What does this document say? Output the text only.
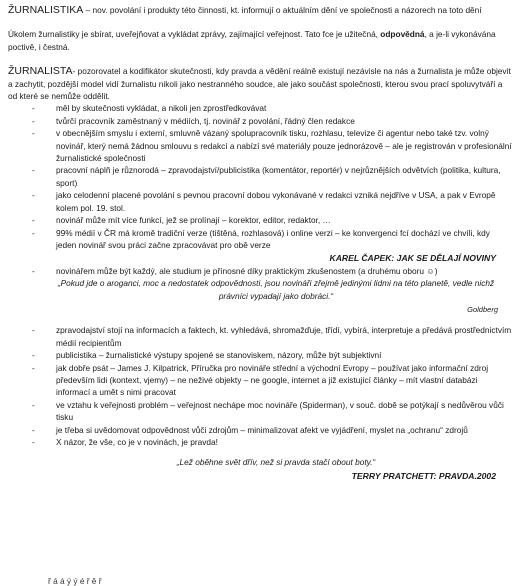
ŽURNALISTIKA – nov. povolání i produkty této činnosti, kt. informují o aktuálním dění ve společnosti a názorech na toto dění

Úkolem žurnalistiky je sbírat, uveřejňovat a vykládat zprávy, zajímající veřejnost. Tato fce je užitečná, odpovědná, a je-li vykonávána poctivě, i čestná.

ŽURNALISTA- pozorovatel a kodifikátor skutečnosti, kdy pravda a vědění reálně existují nezávisle na nás a žurnalista je může objevit a zachytit, pozdější model vidí žurnalistu nikoli jako nestranného soudce, ale jako součást společnosti, kterou svou prací spoluvytváří a od které se nemůže oddělit.

- měl by skutečnosti vykládat, a nikoli jen zprostředkovávat
- tvůrčí pracovník zaměstnaný v médiích, tj. novinář z povolání, řádný člen redakce
- v obecnějším smyslu i externí, smluvně vázaný spolupracovník tisku, rozhlasu, televize či agentur nebo také tzv. volný novinář, který nemá žádnou smlouvu s redakcí a nabízí své materiály pouze jednorázově – ale je registrován v profesionální žurnalistické společnosti
- pracovní náplň je různorodá – zpravodajství/publicistika (komentátor, reportér) v nejrůznějších odvětvích (politika, kultura, sport)
- jako celodenní placené povolání s pevnou pracovní dobou vykonávané v redakci vzniká nejdříve v USA, a pak v Evropě kolem pol. 19. stol.
- novinář může mít více funkcí, jež se prolínají – korektor, editor, redaktor, …
- 99% médií v ČR má kromě tradiční verze (tištěná, rozhlasová) i online verzi – ke konvergenci fcí dochází ve chvíli, kdy jeden novinář svou práci začne zpracovávat pro obě verze
KAREL ČAPEK: JAK SE DĚLAJÍ NOVINY
- novinářem může být každý, ale studium je přínosné díky praktickým zkušenostem (a druhému oboru ☺)
„Pokud jde o aroganci, moc a nedostatek odpovědnosti, jsou novináři zřejmě jedinými lidmi na této planetě, vedle nichž právníci vypadají jako dobráci.“
Goldberg
- zpravodajství stojí na informacích a faktech, kt. vyhledává, shromažďuje, třídí, vybírá, interpretuje a předává prostřednictvím médií recipientům
- publicistika – žurnalistické výstupy spojené se stanoviskem, názory, může být subjektivní
- jak dobře psát – James J. Kilpatrick, Příručka pro novináře střední a východní Evropy – používat jako informační zdroj především lidi (kontext, vjemy) – ne neživé objekty – ne google, internet a již existující články – mít vlastní databázi informací a umět s nimi pracovat
- ve vztahu k veřejnosti problém – veřejnost nechápe moc novináře (Spiderman), v souč. době se potýkají s nedůvěrou vůči tisku
- je třeba si uvědomovat odpovědnost vůči zdrojům – minimalizovat afekt ve vyjádření, myslet na „ochranu“ zdrojů
- X názor, že vše, co je v novinách, je pravda!
„Lež oběhne svět dřív, než si pravda stačí obout boty.“
TERRY PRATCHETT: PRAVDA.2002
ř á á ý ý é ř ě ř
